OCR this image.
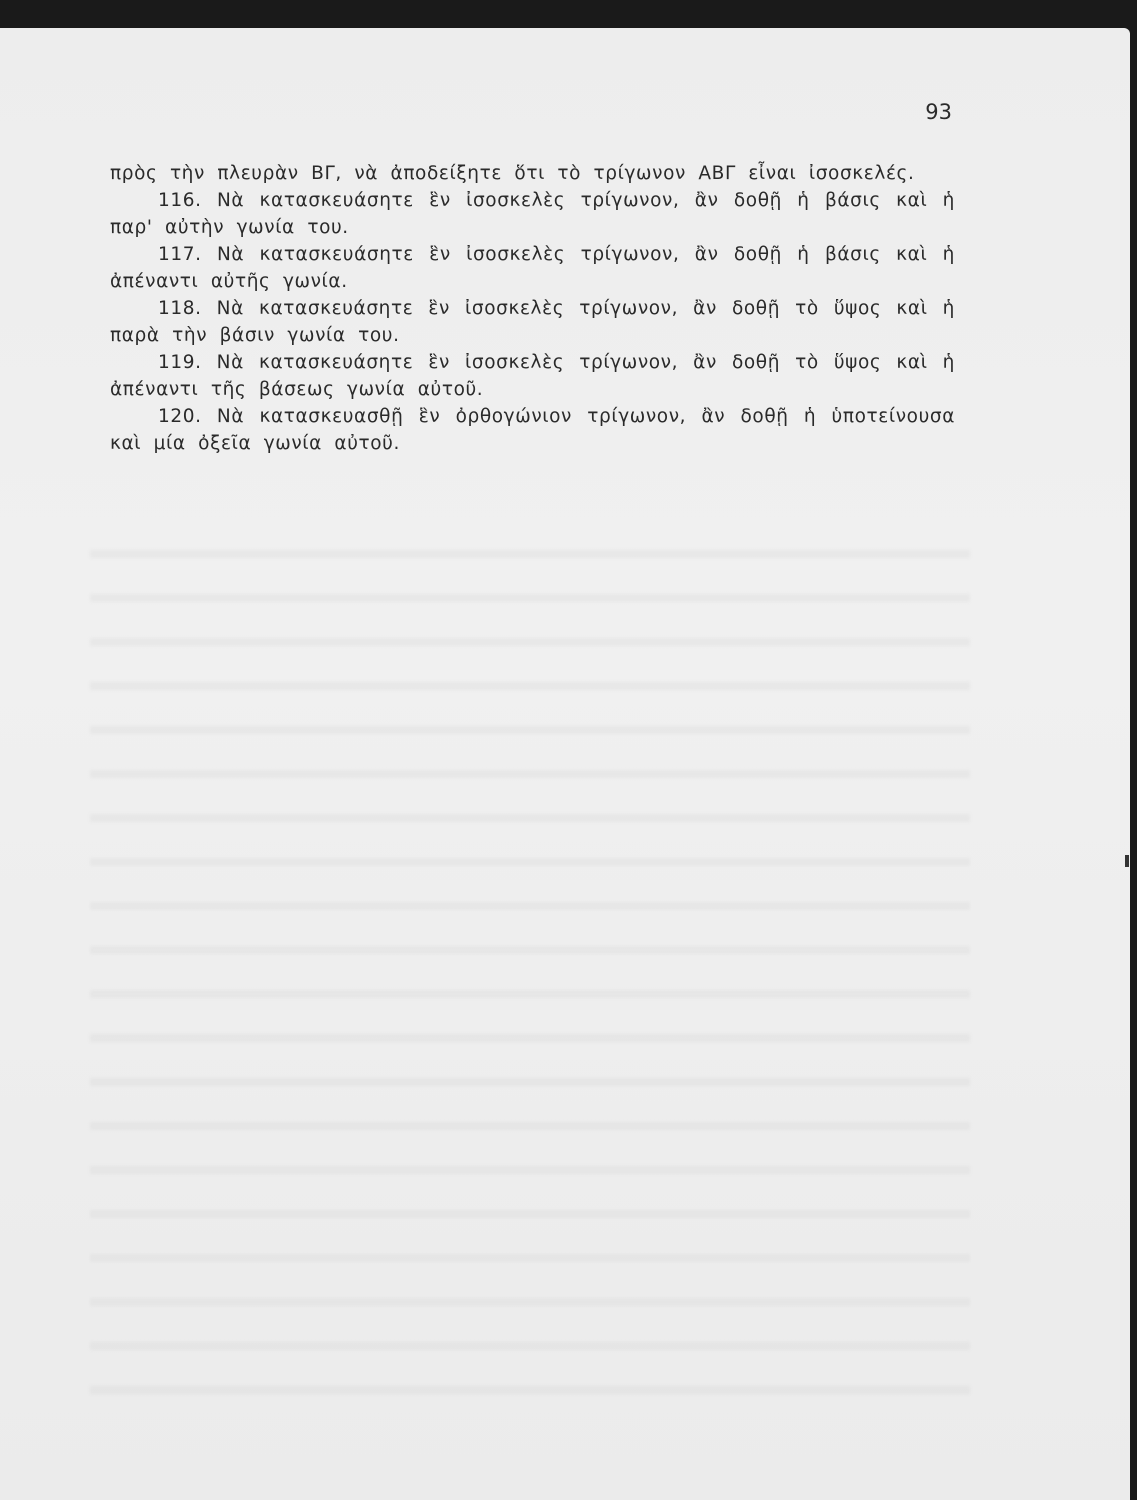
93

πρὸς τὴν πλευρὰν ΒΓ, νὰ ἀποδείξητε ὅτι τὸ τρίγωνον ΑΒΓ εἶναι ἰσοσκελές.

116. Νὰ κατασκευάσητε ἓν ἰσοσκελὲς τρίγωνον, ἂν δοθῇ ἡ βάσις καὶ ἡ παρ' αὐτὴν γωνία του.

117. Νὰ κατασκευάσητε ἓν ἰσοσκελὲς τρίγωνον, ἂν δοθῇ ἡ βάσις καὶ ἡ ἀπέναντι αὐτῆς γωνία.

118. Νὰ κατασκευάσητε ἓν ἰσοσκελὲς τρίγωνον, ἂν δοθῇ τὸ ὕψος καὶ ἡ παρὰ τὴν βάσιν γωνία του.

119. Νὰ κατασκευάσητε ἓν ἰσοσκελὲς τρίγωνον, ἂν δοθῇ τὸ ὕψος καὶ ἡ ἀπέναντι τῆς βάσεως γωνία αὐτοῦ.

120. Νὰ κατασκευασθῇ ἓν ὀρθογώνιον τρίγωνον, ἂν δοθῇ ἡ ὑποτείνουσα καὶ μία ὀξεῖα γωνία αὐτοῦ.
